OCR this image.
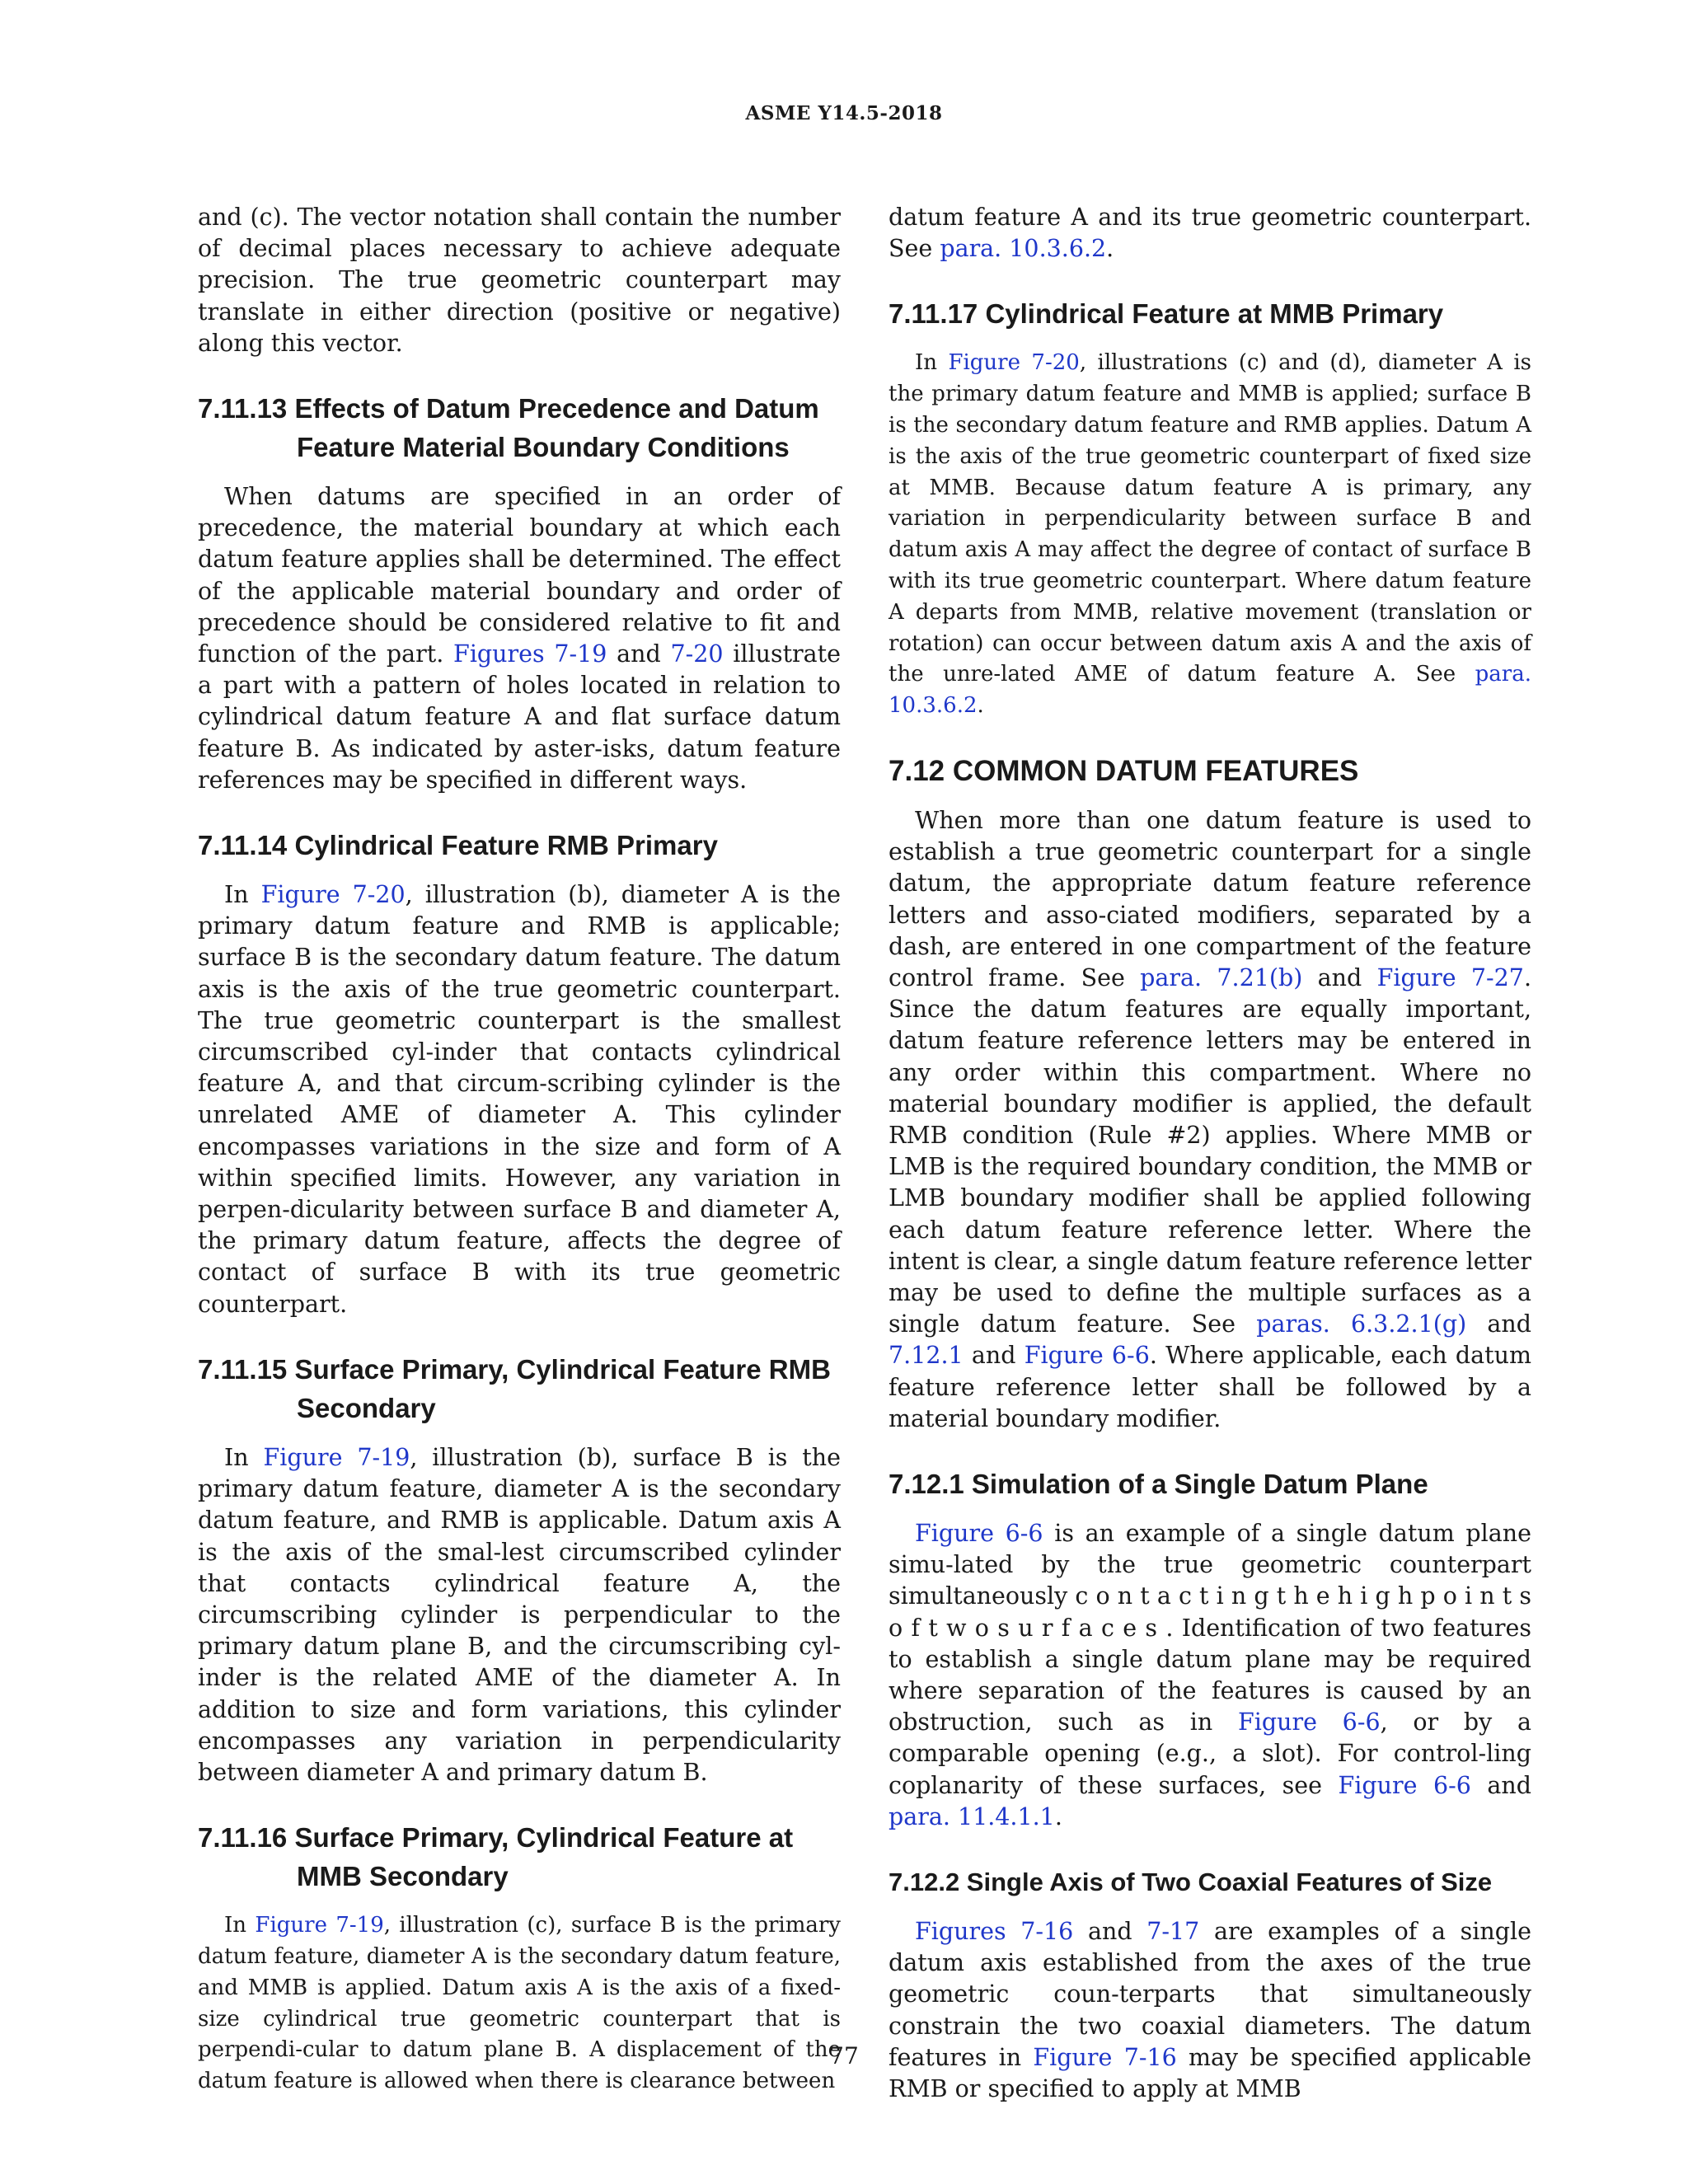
ASME Y14.5-2018

and (c). The vector notation shall contain the number of decimal places necessary to achieve adequate precision. The true geometric counterpart may translate in either direction (positive or negative) along this vector.

7.11.13 Effects of Datum Precedence and Datum Feature Material Boundary Conditions

When datums are specified in an order of precedence, the material boundary at which each datum feature applies shall be determined. The effect of the applicable material boundary and order of precedence should be considered relative to fit and function of the part. Figures 7-19 and 7-20 illustrate a part with a pattern of holes located in relation to cylindrical datum feature A and flat surface datum feature B. As indicated by aster-isks, datum feature references may be specified in different ways.

7.11.14 Cylindrical Feature RMB Primary

In Figure 7-20, illustration (b), diameter A is the primary datum feature and RMB is applicable; surface B is the secondary datum feature. The datum axis is the axis of the true geometric counterpart. The true geometric counterpart is the smallest circumscribed cyl-inder that contacts cylindrical feature A, and that circum-scribing cylinder is the unrelated AME of diameter A. This cylinder encompasses variations in the size and form of A within specified limits. However, any variation in perpen-dicularity between surface B and diameter A, the primary datum feature, affects the degree of contact of surface B with its true geometric counterpart.

7.11.15 Surface Primary, Cylindrical Feature RMB Secondary

In Figure 7-19, illustration (b), surface B is the primary datum feature, diameter A is the secondary datum feature, and RMB is applicable. Datum axis A is the axis of the smal-lest circumscribed cylinder that contacts cylindrical feature A, the circumscribing cylinder is perpendicular to the primary datum plane B, and the circumscribing cyl-inder is the related AME of the diameter A. In addition to size and form variations, this cylinder encompasses any variation in perpendicularity between diameter A and primary datum B.

7.11.16 Surface Primary, Cylindrical Feature at MMB Secondary

In Figure 7-19, illustration (c), surface B is the primary datum feature, diameter A is the secondary datum feature, and MMB is applied. Datum axis A is the axis of a fixed-size cylindrical true geometric counterpart that is perpendi-cular to datum plane B. A displacement of the datum feature is allowed when there is clearance between

datum feature A and its true geometric counterpart. See para. 10.3.6.2.

7.11.17 Cylindrical Feature at MMB Primary

In Figure 7-20, illustrations (c) and (d), diameter A is the primary datum feature and MMB is applied; surface B is the secondary datum feature and RMB applies. Datum A is the axis of the true geometric counterpart of fixed size at MMB. Because datum feature A is primary, any variation in perpendicularity between surface B and datum axis A may affect the degree of contact of surface B with its true geometric counterpart. Where datum feature A departs from MMB, relative movement (translation or rotation) can occur between datum axis A and the axis of the unre-lated AME of datum feature A. See para. 10.3.6.2.

7.12 COMMON DATUM FEATURES

When more than one datum feature is used to establish a true geometric counterpart for a single datum, the appropriate datum feature reference letters and asso-ciated modifiers, separated by a dash, are entered in one compartment of the feature control frame. See para. 7.21(b) and Figure 7-27. Since the datum features are equally important, datum feature reference letters may be entered in any order within this compartment. Where no material boundary modifier is applied, the default RMB condition (Rule #2) applies. Where MMB or LMB is the required boundary condition, the MMB or LMB boundary modifier shall be applied following each datum feature reference letter. Where the intent is clear, a single datum feature reference letter may be used to define the multiple surfaces as a single datum feature. See paras. 6.3.2.1(g) and 7.12.1 and Figure 6-6. Where applicable, each datum feature reference letter shall be followed by a material boundary modifier.

7.12.1 Simulation of a Single Datum Plane

Figure 6-6 is an example of a single datum plane simu-lated by the true geometric counterpart simultaneously c o n t a c t i n g t h e h i g h p o i n t s o f t w o s u r f a c e s . Identification of two features to establish a single datum plane may be required where separation of the features is caused by an obstruction, such as in Figure 6-6, or by a comparable opening (e.g., a slot). For control-ling coplanarity of these surfaces, see Figure 6-6 and para. 11.4.1.1.

7.12.2 Single Axis of Two Coaxial Features of Size

Figures 7-16 and 7-17 are examples of a single datum axis established from the axes of the true geometric coun-terparts that simultaneously constrain the two coaxial diameters. The datum features in Figure 7-16 may be specified applicable RMB or specified to apply at MMB

77
